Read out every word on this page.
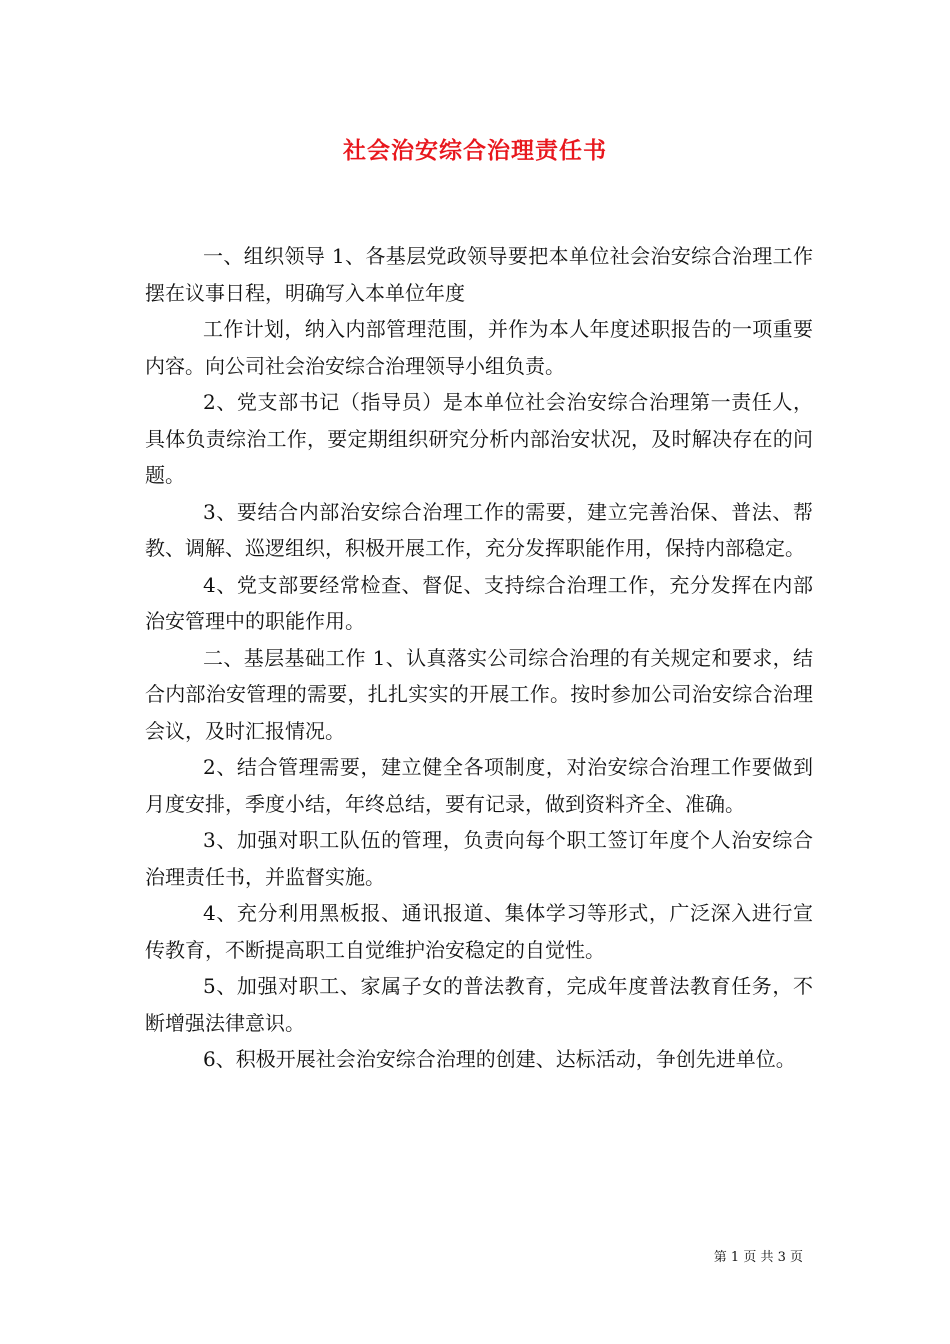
社会治安综合治理责任书

一、组织领导 1、各基层党政领导要把本单位社会治安综合治理工作摆在议事日程，明确写入本单位年度

工作计划，纳入内部管理范围，并作为本人年度述职报告的一项重要内容。向公司社会治安综合治理领导小组负责。

2、党支部书记（指导员）是本单位社会治安综合治理第一责任人，具体负责综治工作，要定期组织研究分析内部治安状况，及时解决存在的问题。

3、要结合内部治安综合治理工作的需要，建立完善治保、普法、帮教、调解、巡逻组织，积极开展工作，充分发挥职能作用，保持内部稳定。

4、党支部要经常检查、督促、支持综合治理工作，充分发挥在内部治安管理中的职能作用。

二、基层基础工作 1、认真落实公司综合治理的有关规定和要求，结合内部治安管理的需要，扎扎实实的开展工作。按时参加公司治安综合治理会议，及时汇报情况。

2、结合管理需要，建立健全各项制度，对治安综合治理工作要做到月度安排，季度小结，年终总结，要有记录，做到资料齐全、准确。

3、加强对职工队伍的管理，负责向每个职工签订年度个人治安综合治理责任书，并监督实施。

4、充分利用黑板报、通讯报道、集体学习等形式，广泛深入进行宣传教育，不断提高职工自觉维护治安稳定的自觉性。

5、加强对职工、家属子女的普法教育，完成年度普法教育任务，不断增强法律意识。

6、积极开展社会治安综合治理的创建、达标活动，争创先进单位。

第 1 页 共 3 页
